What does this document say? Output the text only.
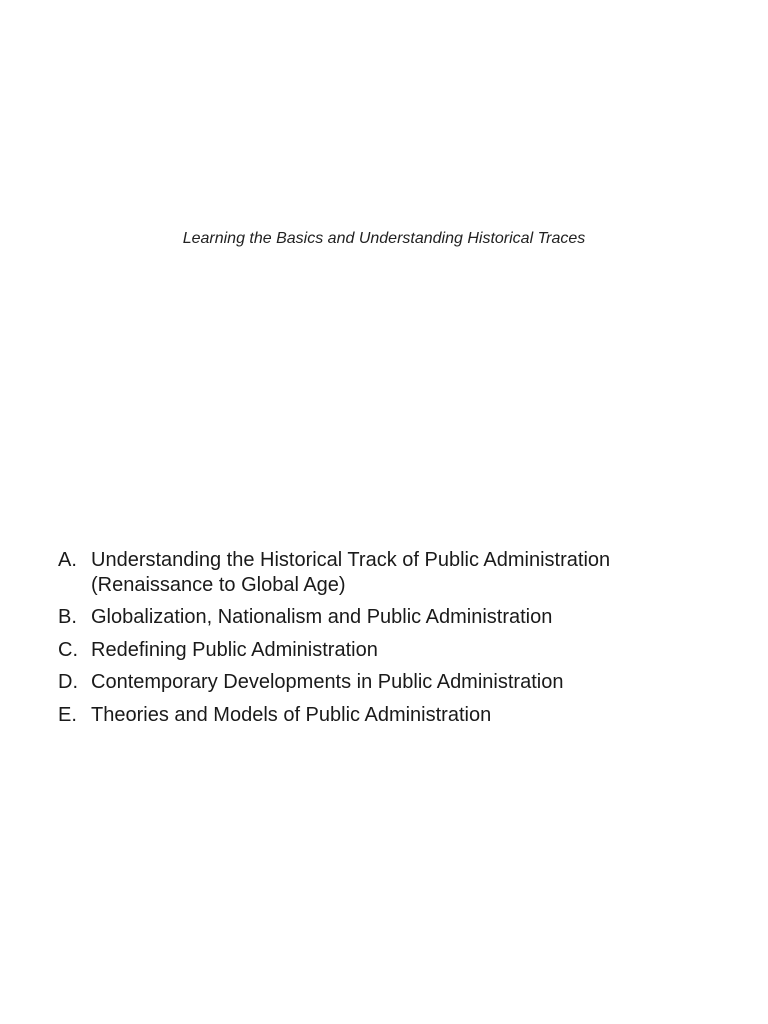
Learning the Basics and Understanding Historical Traces
A. Understanding the Historical Track of Public Administration
(Renaissance to Global Age)
B. Globalization, Nationalism and Public Administration
C. Redefining Public Administration
D. Contemporary Developments in Public Administration
E. Theories and Models of Public Administration
